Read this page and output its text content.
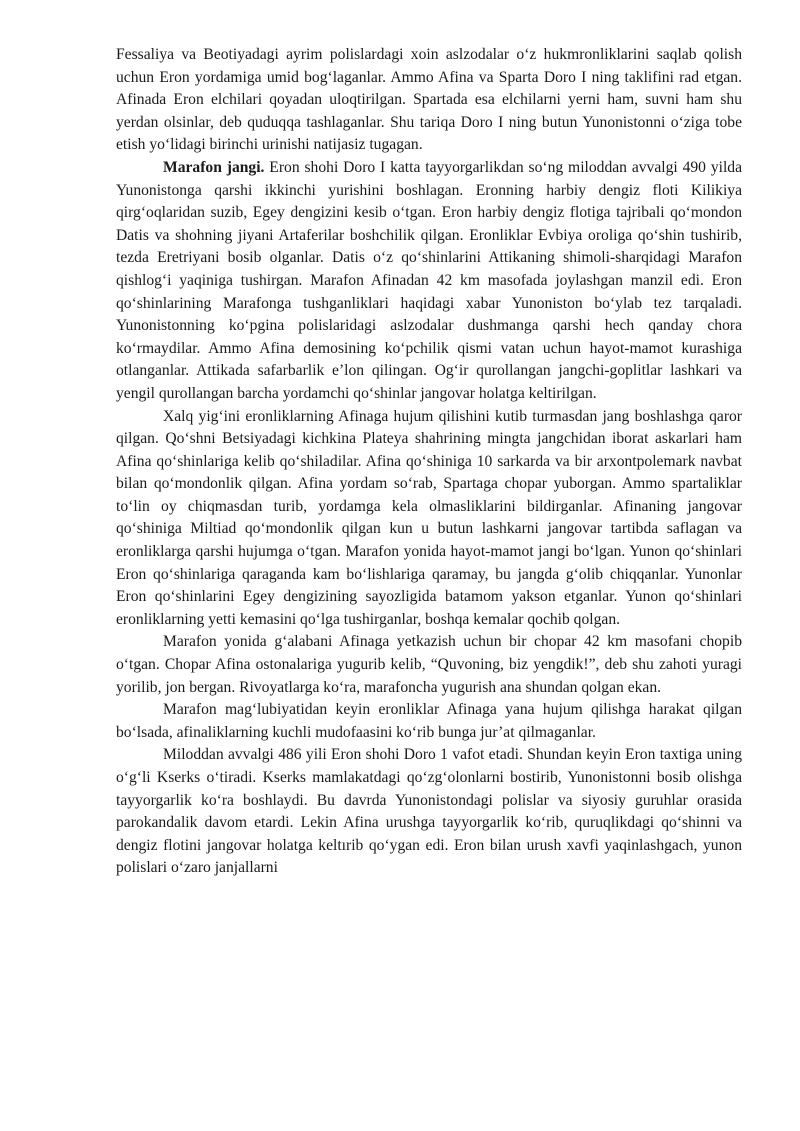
Fessaliya va Beotiyadagi ayrim polislardagi xoin aslzodalar o‘z hukmronliklarini saqlab qolish uchun Eron yordamiga umid bog‘laganlar. Ammo Afina va Sparta Doro I ning taklifini rad etgan. Afinada Eron elchilari qoyadan uloqtirilgan. Spartada esa elchilarni yerni ham, suvni ham shu yerdan olsinlar, deb quduqqa tashlaganlar. Shu tariqa Doro I ning butun Yunonistonni o‘ziga tobe etish yo‘lidagi birinchi urinishi natijasiz tugagan.

Marafon jangi. Eron shohi Doro I katta tayyorgarlikdan so‘ng miloddan avvalgi 490 yilda Yunonistonga qarshi ikkinchi yurishini boshlagan. Eronning harbiy dengiz floti Kilikiya qirg‘oqlaridan suzib, Egey dengizini kesib o‘tgan. Eron harbiy dengiz flotiga tajribali qo‘mondon Datis va shohning jiyani Artaferilar boshchilik qilgan. Eronliklar Evbiya oroliga qo‘shin tushirib, tezda Eretriyani bosib olganlar. Datis o‘z qo‘shinlarini Attikaning shimoli-sharqidagi Marafon qishlog‘i yaqiniga tushirgan. Marafon Afinadan 42 km masofada joylashgan manzil edi. Eron qo‘shinlarining Marafonga tushganliklari haqidagi xabar Yunoniston bo‘ylab tez tarqaladi. Yunonistonning ko‘pgina polislaridagi aslzodalar dushmanga qarshi hech qanday chora ko‘rmaydilar. Ammo Afina demosining ko‘pchilik qismi vatan uchun hayot-mamot kurashiga otlanganlar. Attikada safarbarlik e’lon qilingan. Og‘ir qurollangan jangchi-goplitlar lashkari va yengil qurollangan barcha yordamchi qo‘shinlar jangovar holatga keltirilgan.

Xalq yig‘ini eronliklarning Afinaga hujum qilishini kutib turmasdan jang boshlashga qaror qilgan. Qo‘shni Betsiyadagi kichkina Plateya shahrining mingta jangchidan iborat askarlari ham Afina qo‘shinlariga kelib qo‘shiladilar. Afina qo‘shiniga 10 sarkarda va bir arxontpolemark navbat bilan qo‘mondonlik qilgan. Afina yordam so‘rab, Spartaga chopar yuborgan. Ammo spartaliklar to‘lin oy chiqmasdan turib, yordamga kela olmasliklarini bildirganlar. Afinaning jangovar qo‘shiniga Miltiad qo‘mondonlik qilgan kun u butun lashkarni jangovar tartibda saflagan va eronliklarga qarshi hujumga o‘tgan. Marafon yonida hayot-mamot jangi bo‘lgan. Yunon qo‘shinlari Eron qo‘shinlariga qaraganda kam bo‘lishlariga qaramay, bu jangda g‘olib chiqqanlar. Yunonlar Eron qo‘shinlarini Egey dengizining sayozligida batamom yakson etganlar. Yunon qo‘shinlari eronliklarning yetti kemasini qo‘lga tushirganlar, boshqa kemalar qochib qolgan.

Marafon yonida g‘alabani Afinaga yetkazish uchun bir chopar 42 km masofani chopib o‘tgan. Chopar Afina ostonalariga yugurib kelib, “Quvoning, biz yengdik!”, deb shu zahoti yuragi yorilib, jon bergan. Rivoyatlarga ko‘ra, marafoncha yugurish ana shundan qolgan ekan.

Marafon mag‘lubiyatidan keyin eronliklar Afinaga yana hujum qilishga harakat qilgan bo‘lsada, afinaliklarning kuchli mudofaasini ko‘rib bunga jur’at qilmaganlar.

Miloddan avvalgi 486 yili Eron shohi Doro 1 vafot etadi. Shundan keyin Eron taxtiga uning o‘g‘li Kserks o‘tiradi. Kserks mamlakatdagi qo‘zg‘olonlarni bostirib, Yunonistonni bosib olishga tayyorgarlik ko‘ra boshlaydi. Bu davrda Yunonistondagi polislar va siyosiy guruhlar orasida parokandalik davom etardi. Lekin Afina urushga tayyorgarlik ko‘rib, quruqlikdagi qo‘shinni va dengiz flotini jangovar holatga keltırib qo‘ygan edi. Eron bilan urush xavfi yaqinlashgach, yunon polislari o‘zaro janjallarni
